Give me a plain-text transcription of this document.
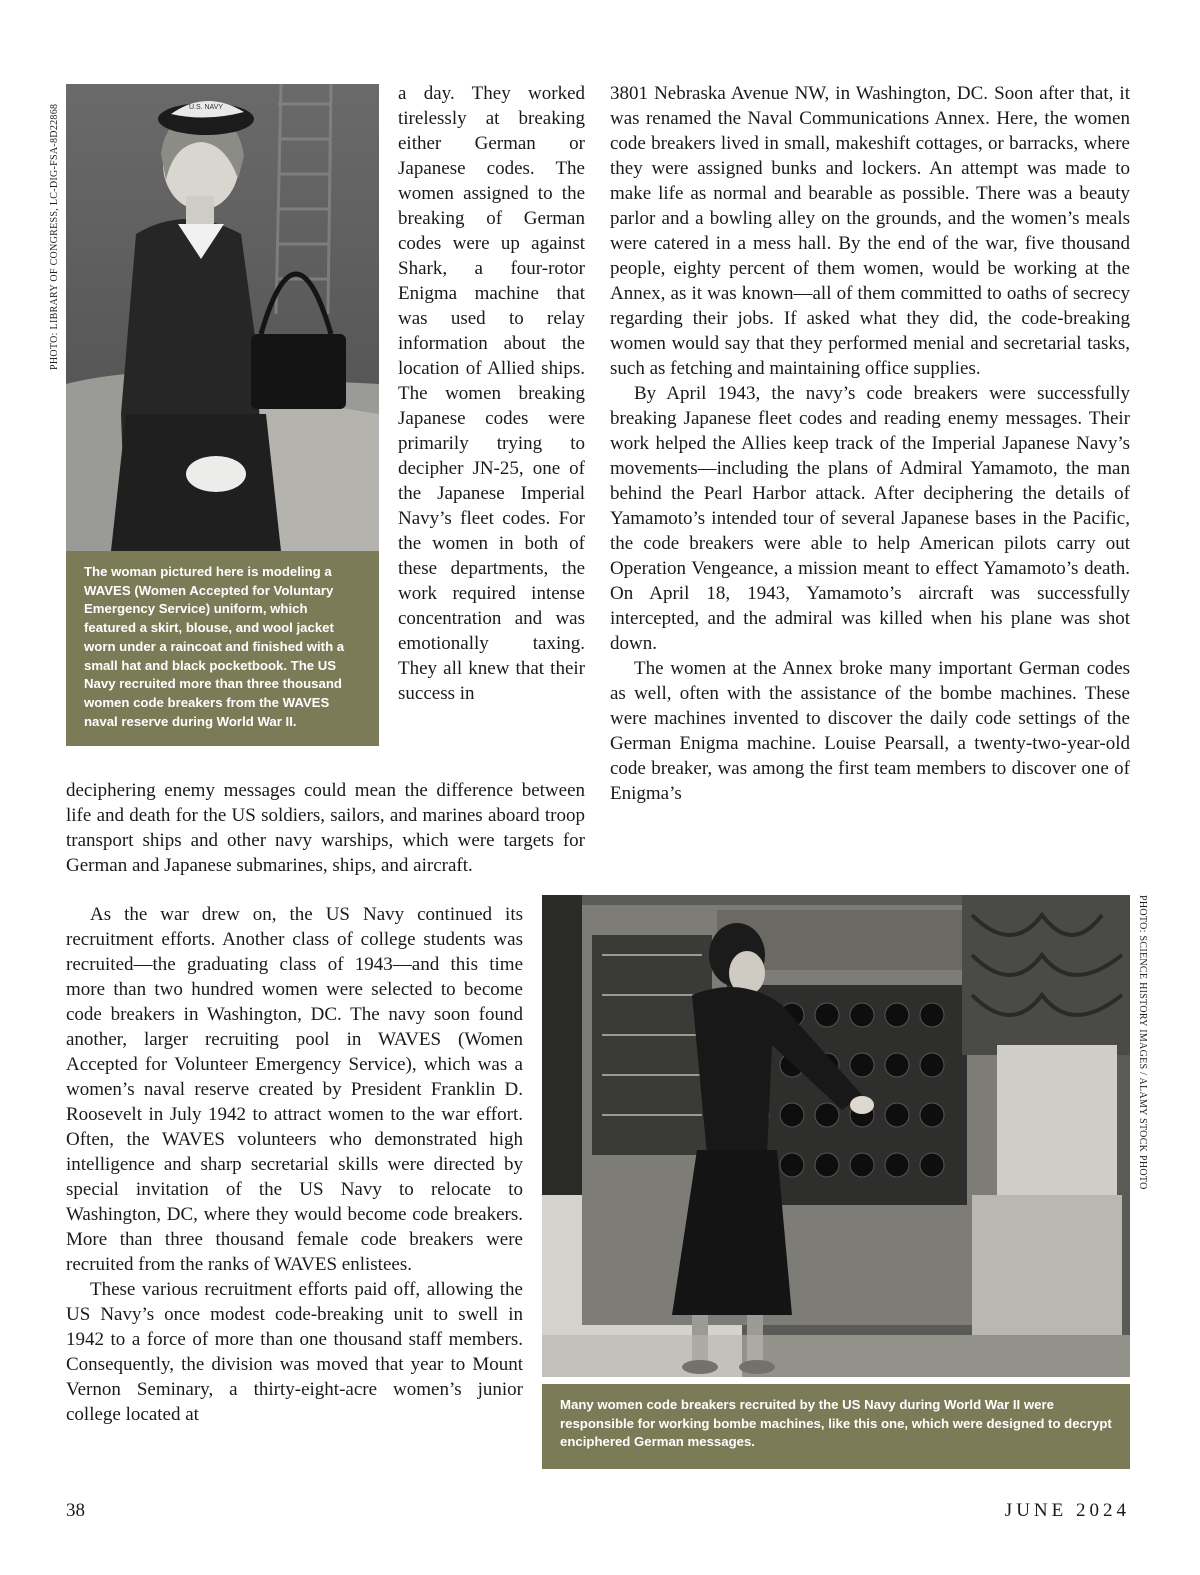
PHOTO: LIBRARY OF CONGRESS, LC-DIG-FSA-8D22868	U.S. NAVY
The woman pictured here is modeling a WAVES (Women Accepted for Voluntary Emergency Service) uniform, which featured a skirt, blouse, and wool jacket worn under a raincoat and finished with a small hat and black pocketbook. The US Navy recruited more than three thousand women code breakers from the WAVES naval reserve during World War II.

a day. They worked tirelessly at breaking either German or Japanese codes. The women assigned to the breaking of German codes were up against Shark, a four-rotor Enigma machine that was used to relay information about the location of Allied ships. The women breaking Japanese codes were primarily trying to decipher JN-25, one of the Japanese Imperial Navy’s fleet codes. For the women in both of these departments, the work required intense concentration and was emotionally taxing. They all knew that their success in

deciphering enemy messages could mean the difference between life and death for the US soldiers, sailors, and marines aboard troop transport ships and other navy warships, which were targets for German and Japanese submarines, ships, and aircraft.

As the war drew on, the US Navy continued its recruitment efforts. Another class of college students was recruited—the graduating class of 1943—and this time more than two hundred women were selected to become code breakers in Washington, DC. The navy soon found another, larger recruiting pool in WAVES (Women Accepted for Volunteer Emergency Service), which was a women’s naval reserve created by President Franklin D. Roosevelt in July 1942 to attract women to the war effort. Often, the WAVES volunteers who demonstrated high intelligence and sharp secretarial skills were directed by special invitation of the US Navy to relocate to Washington, DC, where they would become code breakers. More than three thousand female code breakers were recruited from the ranks of WAVES enlistees.

These various recruitment efforts paid off, allowing the US Navy’s once modest code-breaking unit to swell in 1942 to a force of more than one thousand staff members. Consequently, the division was moved that year to Mount Vernon Seminary, a thirty-eight-acre women’s junior college located at

3801 Nebraska Avenue NW, in Washington, DC. Soon after that, it was renamed the Naval Communications Annex. Here, the women code breakers lived in small, makeshift cottages, or barracks, where they were assigned bunks and lockers. An attempt was made to make life as normal and bearable as possible. There was a beauty parlor and a bowling alley on the grounds, and the women’s meals were catered in a mess hall. By the end of the war, five thousand people, eighty percent of them women, would be working at the Annex, as it was known—all of them committed to oaths of secrecy regarding their jobs. If asked what they did, the code-breaking women would say that they performed menial and secretarial tasks, such as fetching and maintaining office supplies.

By April 1943, the navy’s code breakers were successfully breaking Japanese fleet codes and reading enemy messages. Their work helped the Allies keep track of the Imperial Japanese Navy’s movements—including the plans of Admiral Yamamoto, the man behind the Pearl Harbor attack. After deciphering the details of Yamamoto’s intended tour of several Japanese bases in the Pacific, the code breakers were able to help American pilots carry out Operation Vengeance, a mission meant to effect Yamamoto’s death. On April 18, 1943, Yamamoto’s aircraft was successfully intercepted, and the admiral was killed when his plane was shot down.

The women at the Annex broke many important German codes as well, often with the assistance of the bombe machines. These were machines invented to discover the daily code settings of the German Enigma machine. Louise Pearsall, a twenty-two-year-old code breaker, was among the first team members to discover one of Enigma’s

PHOTO: SCIENCE HISTORY IMAGES / ALAMY STOCK PHOTO
Many women code breakers recruited by the US Navy during World War II were responsible for working bombe machines, like this one, which were designed to decrypt enciphered German messages.
38	JUNE 2024
